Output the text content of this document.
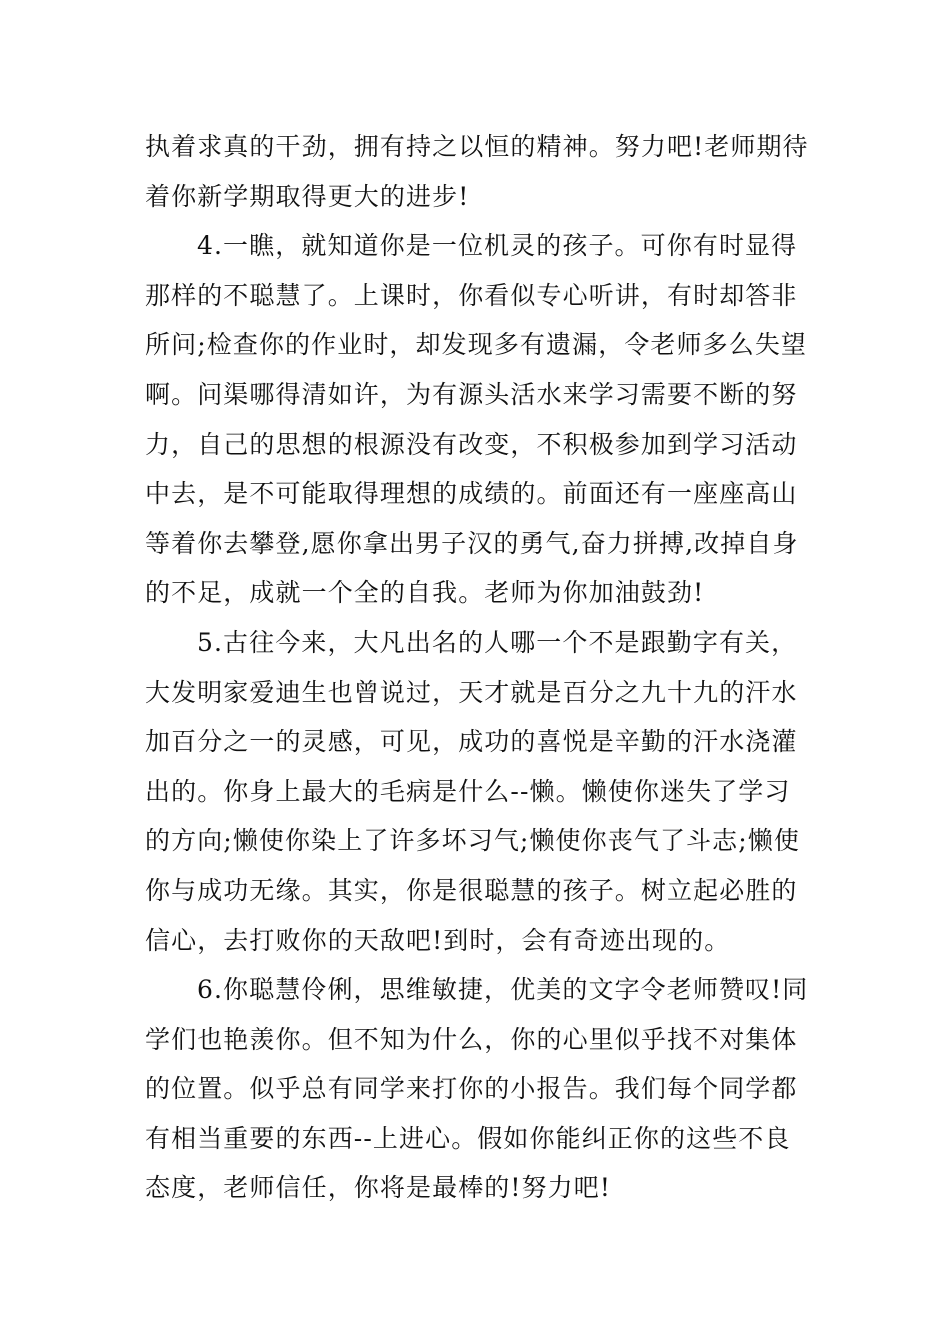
执着求真的干劲，拥有持之以恒的精神。努力吧!老师期待
着你新学期取得更大的进步!
4.一瞧，就知道你是一位机灵的孩子。可你有时显得
那样的不聪慧了。上课时，你看似专心听讲，有时却答非
所问;检查你的作业时，却发现多有遗漏，令老师多么失望
啊。问渠哪得清如许，为有源头活水来学习需要不断的努
力，自己的思想的根源没有改变，不积极参加到学习活动
中去，是不可能取得理想的成绩的。前面还有一座座高山
等着你去攀登,愿你拿出男子汉的勇气,奋力拼搏,改掉自身
的不足，成就一个全的自我。老师为你加油鼓劲!
5.古往今来，大凡出名的人哪一个不是跟勤字有关，
大发明家爱迪生也曾说过，天才就是百分之九十九的汗水
加百分之一的灵感，可见，成功的喜悦是辛勤的汗水浇灌
出的。你身上最大的毛病是什么--懒。懒使你迷失了学习
的方向;懒使你染上了许多坏习气;懒使你丧气了斗志;懒使
你与成功无缘。其实，你是很聪慧的孩子。树立起必胜的
信心，去打败你的天敌吧!到时，会有奇迹出现的。
6.你聪慧伶俐，思维敏捷，优美的文字令老师赞叹!同
学们也艳羡你。但不知为什么，你的心里似乎找不对集体
的位置。似乎总有同学来打你的小报告。我们每个同学都
有相当重要的东西--上进心。假如你能纠正你的这些不良
态度，老师信任，你将是最棒的!努力吧!
